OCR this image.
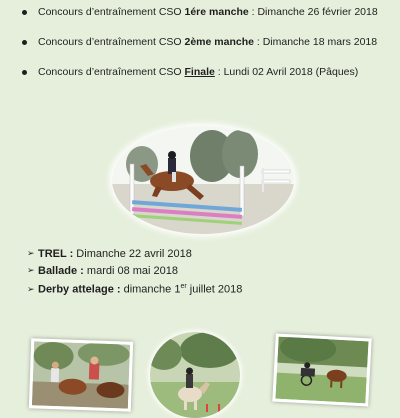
Concours d’entraînement CSO 1ére manche : Dimanche 26 février 2018
Concours d’entraînement CSO 2ème manche : Dimanche 18 mars 2018
Concours d’entraînement CSO Finale : Lundi 02 Avril 2018 (Pâques)
➢ TREL : Dimanche 22 avril 2018
➢ Ballade : mardi 08 mai 2018
➢ Derby attelage : dimanche 1er juillet 2018
